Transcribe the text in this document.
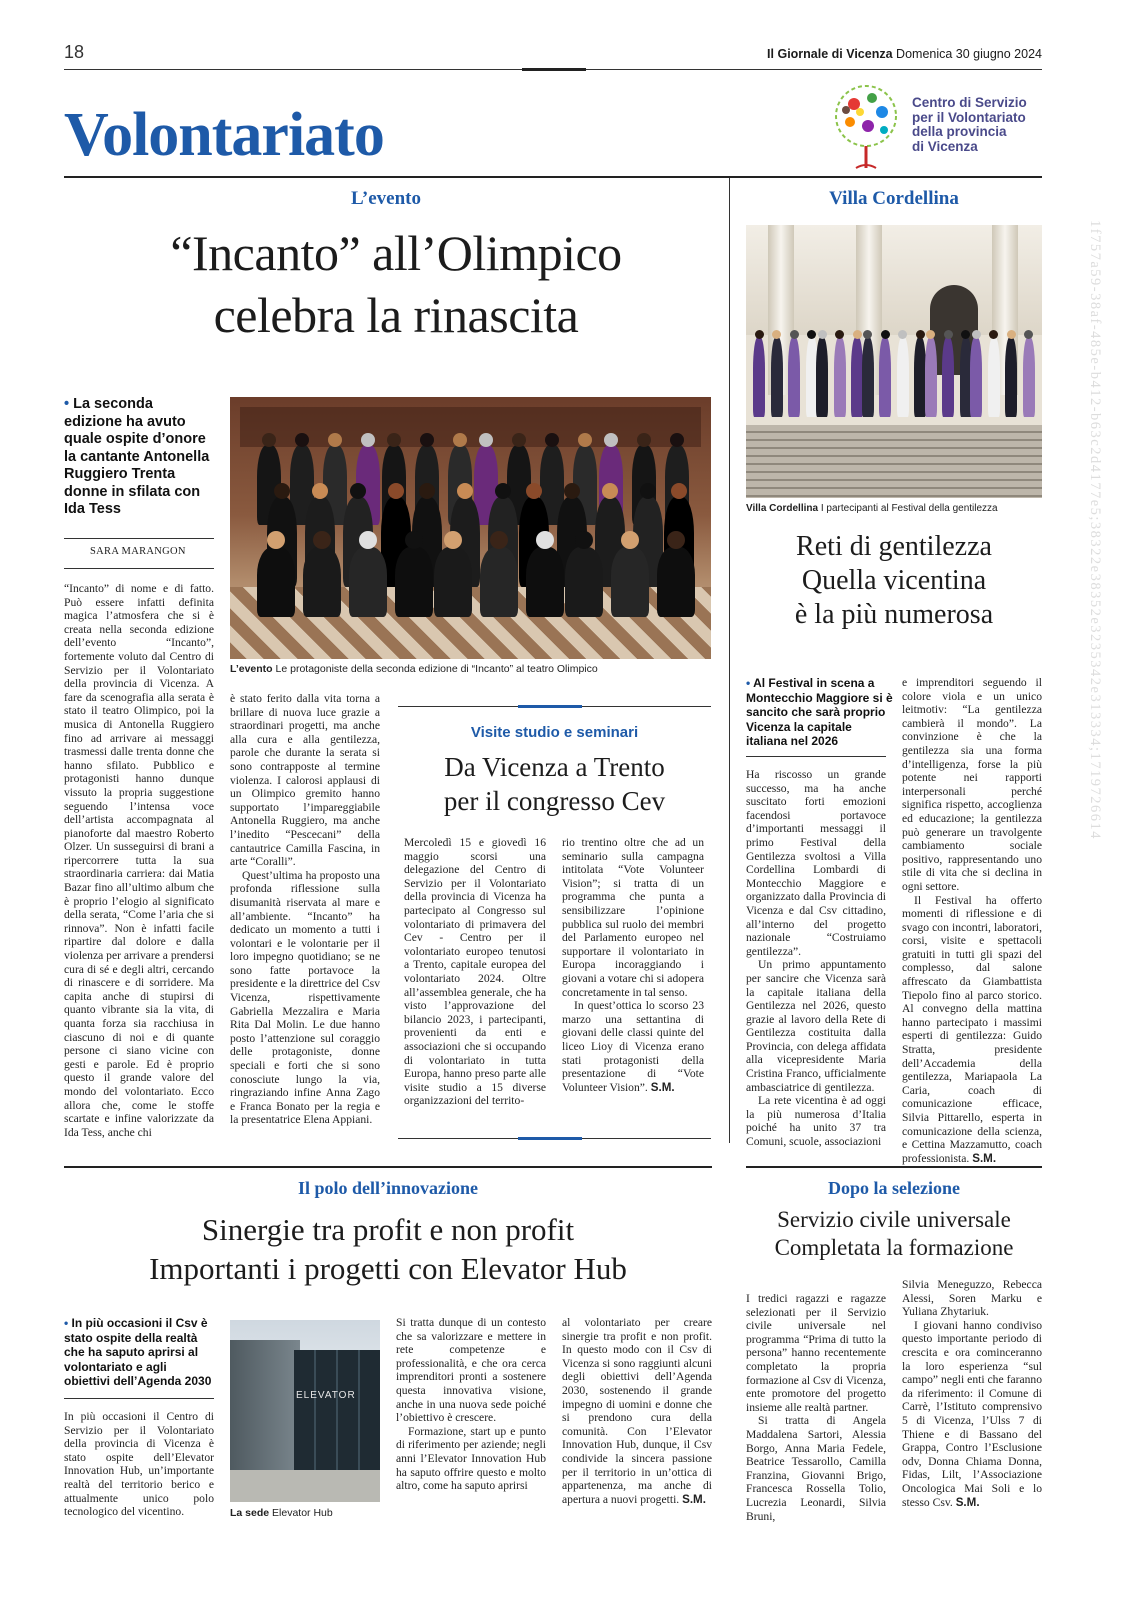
18	Il Giornale di Vicenza Domenica 30 giugno 2024
Volontariato	Centro di Servizio
per il Volontariato
della provincia
di Vicenza
1f757a59-38af-485e-b412-b63c2d4177e5;38322e38352e3235342e313334;1719726614
L’evento
“Incanto” all’Olimpico
celebra la rinascita
• La seconda edizione ha avuto quale ospite d’onore la cantante Antonella Ruggiero Trenta donne in sfilata con Ida Tess
SARA MARANGON
L’evento Le protagoniste della seconda edizione di “Incanto” al teatro Olimpico

“Incanto” di nome e di fatto. Può essere infatti definita magica l’atmosfera che si è creata nella seconda edizione dell’evento “Incanto”, fortemente voluto dal Centro di Servizio per il Volontariato della provincia di Vicenza. A fare da scenografia alla serata è stato il teatro Olimpico, poi la musica di Antonella Ruggiero fino ad arrivare ai messaggi trasmessi dalle trenta donne che hanno sfilato. Pubblico e protagonisti hanno dunque vissuto la propria suggestione seguendo l’intensa voce dell’artista accompagnata al pianoforte dal maestro Roberto Olzer. Un susseguirsi di brani a ripercorrere tutta la sua straordinaria carriera: dai Matia Bazar fino all’ultimo album che è proprio l’elogio al significato della serata, “Come l’aria che si rinnova”. Non è infatti facile ripartire dal dolore e dalla violenza per arrivare a prendersi cura di sé e degli altri, cercando di rinascere e di sorridere. Ma capita anche di stupirsi di quanto vibrante sia la vita, di quanta forza sia racchiusa in ciascuno di noi e di quante persone ci siano vicine con gesti e parole. Ed è proprio questo il grande valore del mondo del volontariato. Ecco allora che, come le stoffe scartate e infine valorizzate da Ida Tess, anche chi

è stato ferito dalla vita torna a brillare di nuova luce grazie a straordinari progetti, ma anche alla cura e alla gentilezza, parole che durante la serata si sono contrapposte al termine violenza. I calorosi applausi di un Olimpico gremito hanno supportato l’impareggiabile Antonella Ruggiero, ma anche l’inedito “Pescecani” della cantautrice Camilla Fascina, in arte “Coralli”.

Quest’ultima ha proposto una profonda riflessione sulla disumanità riservata al mare e all’ambiente. “Incanto” ha dedicato un momento a tutti i volontari e le volontarie per il loro impegno quotidiano; se ne sono fatte portavoce la presidente e la direttrice del Csv Vicenza, rispettivamente Gabriella Mezzalira e Maria Rita Dal Molin. Le due hanno posto l’attenzione sul coraggio delle protagoniste, donne speciali e forti che si sono conosciute lungo la via, ringraziando infine Anna Zago e Franca Bonato per la regia e la presentatrice Elena Appiani.

Visite studio e seminari
Da Vicenza a Trento
per il congresso Cev

Mercoledì 15 e giovedì 16 maggio scorsi una delegazione del Centro di Servizio per il Volontariato della provincia di Vicenza ha partecipato al Congresso sul volontariato di primavera del Cev - Centro per il volontariato europeo tenutosi a Trento, capitale europea del volontariato 2024. Oltre all’assemblea generale, che ha visto l’approvazione del bilancio 2023, i partecipanti, provenienti da enti e associazioni che si occupando di volontariato in tutta Europa, hanno preso parte alle visite studio a 15 diverse organizzazioni del territo-

rio trentino oltre che ad un seminario sulla campagna intitolata “Vote Volunteer Vision”; si tratta di un programma che punta a sensibilizzare l’opinione pubblica sul ruolo dei membri del Parlamento europeo nel supportare il volontariato in Europa incoraggiando i giovani a votare chi si adopera concretamente in tal senso.

In quest’ottica lo scorso 23 marzo una settantina di giovani delle classi quinte del liceo Lioy di Vicenza erano stati protagonisti della presentazione di “Vote Volunteer Vision”. S.M.

Villa Cordellina
Villa Cordellina I partecipanti al Festival della gentilezza
Reti di gentilezza
Quella vicentina
è la più numerosa
• Al Festival in scena a Montecchio Maggiore si è sancito che sarà proprio Vicenza la capitale italiana nel 2026

Ha riscosso un grande successo, ma ha anche suscitato forti emozioni facendosi portavoce d’importanti messaggi il primo Festival della Gentilezza svoltosi a Villa Cordellina Lombardi di Montecchio Maggiore e organizzato dalla Provincia di Vicenza e dal Csv cittadino, all’interno del progetto nazionale “Costruiamo gentilezza”.

Un primo appuntamento per sancire che Vicenza sarà la capitale italiana della Gentilezza nel 2026, questo grazie al lavoro della Rete di Gentilezza costituita dalla Provincia, con delega affidata alla vicepresidente Maria Cristina Franco, ufficialmente ambasciatrice di gentilezza.

La rete vicentina è ad oggi la più numerosa d’Italia poiché ha unito 37 tra Comuni, scuole, associazioni

e imprenditori seguendo il colore viola e un unico leitmotiv: “La gentilezza cambierà il mondo”. La convinzione è che la gentilezza sia una forma d’intelligenza, forse la più potente nei rapporti interpersonali perché significa rispetto, accoglienza ed educazione; la gentilezza può generare un travolgente cambiamento sociale positivo, rappresentando uno stile di vita che si declina in ogni settore.

Il Festival ha offerto momenti di riflessione e di svago con incontri, laboratori, corsi, visite e spettacoli gratuiti in tutti gli spazi del complesso, dal salone affrescato da Giambattista Tiepolo fino al parco storico. Al convegno della mattina hanno partecipato i massimi esperti di gentilezza: Guido Stratta, presidente dell’Accademia della gentilezza, Mariapaola La Caria, coach di comunicazione efficace, Silvia Pittarello, esperta in comunicazione della scienza, e Cettina Mazzamutto, coach professionista. S.M.

Il polo dell’innovazione
Sinergie tra profit e non profit
Importanti i progetti con Elevator Hub
• In più occasioni il Csv è stato ospite della realtà che ha saputo aprirsi al volontariato e agli obiettivi dell’Agenda 2030

In più occasioni il Centro di Servizio per il Volontariato della provincia di Vicenza è stato ospite dell’Elevator Innovation Hub, un’importante realtà del territorio berico e attualmente unico polo tecnologico del vicentino.

ELEVATOR
La sede Elevator Hub

Si tratta dunque di un contesto che sa valorizzare e mettere in rete competenze e professionalità, e che ora cerca imprenditori pronti a sostenere questa innovativa visione, anche in una nuova sede poiché l’obiettivo è crescere.

Formazione, start up e punto di riferimento per aziende; negli anni l’Elevator Innovation Hub ha saputo offrire questo e molto altro, come ha saputo aprirsi

al volontariato per creare sinergie tra profit e non profit. In questo modo con il Csv di Vicenza si sono raggiunti alcuni degli obiettivi dell’Agenda 2030, sostenendo il grande impegno di uomini e donne che si prendono cura della comunità. Con l’Elevator Innovation Hub, dunque, il Csv condivide la sincera passione per il territorio in un’ottica di appartenenza, ma anche di apertura a nuovi progetti. S.M.

Dopo la selezione
Servizio civile universale
Completata la formazione

I tredici ragazzi e ragazze selezionati per il Servizio civile universale nel programma “Prima di tutto la persona” hanno recentemente completato la propria formazione al Csv di Vicenza, ente promotore del progetto insieme alle realtà partner.

Si tratta di Angela Maddalena Sartori, Alessia Borgo, Anna Maria Fedele, Beatrice Tessarollo, Camilla Franzina, Giovanni Brigo, Francesca Rossella Tolio, Lucrezia Leonardi, Silvia Bruni,

Silvia Meneguzzo, Rebecca Alessi, Soren Marku e Yuliana Zhytariuk.

I giovani hanno condiviso questo importante periodo di crescita e ora cominceranno la loro esperienza “sul campo” negli enti che faranno da riferimento: il Comune di Carrè, l’Istituto comprensivo 5 di Vicenza, l’Ulss 7 di Thiene e di Bassano del Grappa, Contro l’Esclusione odv, Donna Chiama Donna, Fidas, Lilt, l’Associazione Oncologica Mai Soli e lo stesso Csv. S.M.
